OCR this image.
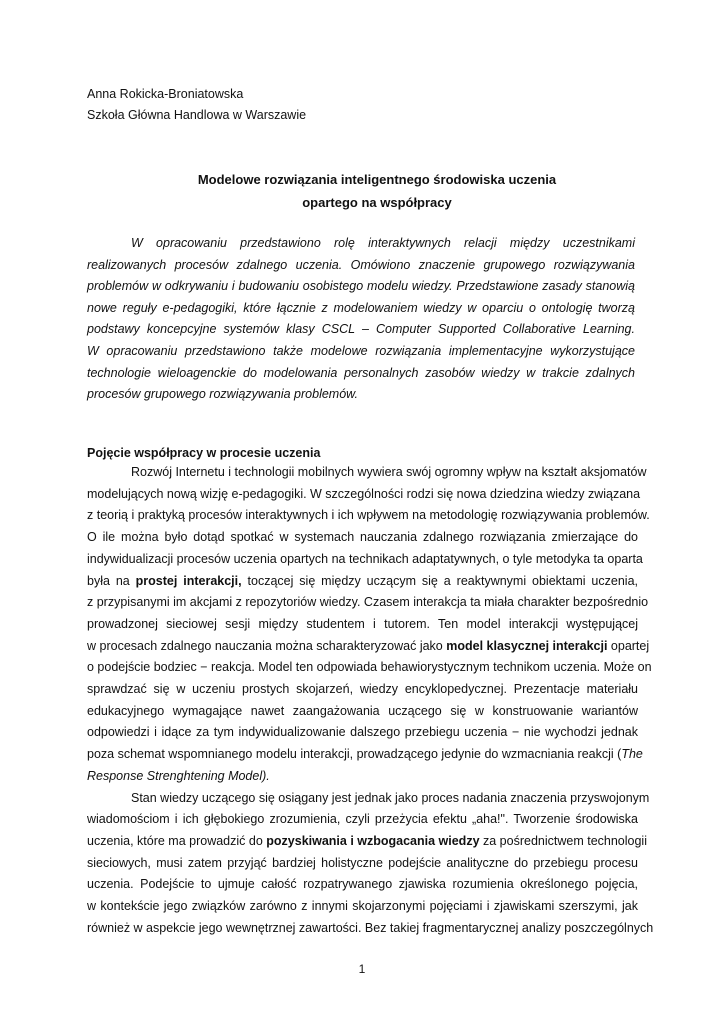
Anna Rokicka-Broniatowska
Szkoła Główna Handlowa w Warszawie
Modelowe rozwiązania inteligentnego środowiska uczenia
opartego na współpracy
W opracowaniu przedstawiono rolę interaktywnych relacji między uczestnikami
realizowanych procesów zdalnego uczenia. Omówiono znaczenie grupowego rozwiązywania
problemów w odkrywaniu i budowaniu osobistego modelu wiedzy. Przedstawione zasady stanowią
nowe reguły e-pedagogiki, które łącznie z modelowaniem wiedzy w oparciu o ontologię tworzą
podstawy koncepcyjne systemów klasy CSCL – Computer Supported Collaborative Learning.
W opracowaniu przedstawiono także modelowe rozwiązania implementacyjne wykorzystujące
technologie wieloagenckie do modelowania personalnych zasobów wiedzy w trakcie zdalnych
procesów grupowego rozwiązywania problemów.
Pojęcie współpracy w procesie uczenia
Rozwój Internetu i technologii mobilnych wywiera swój ogromny wpływ na kształt aksjomatów
modelujących nową wizję e-pedagogiki. W szczególności rodzi się nowa dziedzina wiedzy związana
z teorią i praktyką procesów interaktywnych i ich wpływem na metodologię rozwiązywania problemów.
O ile można było dotąd spotkać w systemach nauczania zdalnego rozwiązania zmierzające do
indywidualizacji procesów uczenia opartych na technikach adaptatywnych, o tyle metodyka ta oparta
była na prostej interakcji, toczącej się między uczącym się a reaktywnymi obiektami uczenia,
z przypisanymi im akcjami z repozytoriów wiedzy. Czasem interakcja ta miała charakter bezpośrednio
prowadzonej sieciowej sesji między studentem i tutorem. Ten model interakcji występującej
w procesach zdalnego nauczania można scharakteryzować jako model klasycznej interakcji opartej
o podejście bodziec − reakcja. Model ten odpowiada behawiorystycznym technikom uczenia. Może on
sprawdzać się w uczeniu prostych skojarzeń, wiedzy encyklopedycznej. Prezentacje materiału
edukacyjnego wymagające nawet zaangażowania uczącego się w konstruowanie wariantów
odpowiedzi i idące za tym indywidualizowanie dalszego przebiegu uczenia − nie wychodzi jednak
poza schemat wspomnianego modelu interakcji, prowadzącego jedynie do wzmacniania reakcji (The
Response Strenghtening Model).
Stan wiedzy uczącego się osiągany jest jednak jako proces nadania znaczenia przyswojonym
wiadomościom i ich głębokiego zrozumienia, czyli przeżycia efektu „aha!". Tworzenie środowiska
uczenia, które ma prowadzić do pozyskiwania i wzbogacania wiedzy za pośrednictwem technologii
sieciowych, musi zatem przyjąć bardziej holistyczne podejście analityczne do przebiegu procesu
uczenia. Podejście to ujmuje całość rozpatrywanego zjawiska rozumienia określonego pojęcia,
w kontekście jego związków zarówno z innymi skojarzonymi pojęciami i zjawiskami szerszymi, jak
również w aspekcie jego wewnętrznej zawartości. Bez takiej fragmentarycznej analizy poszczególnych
1
